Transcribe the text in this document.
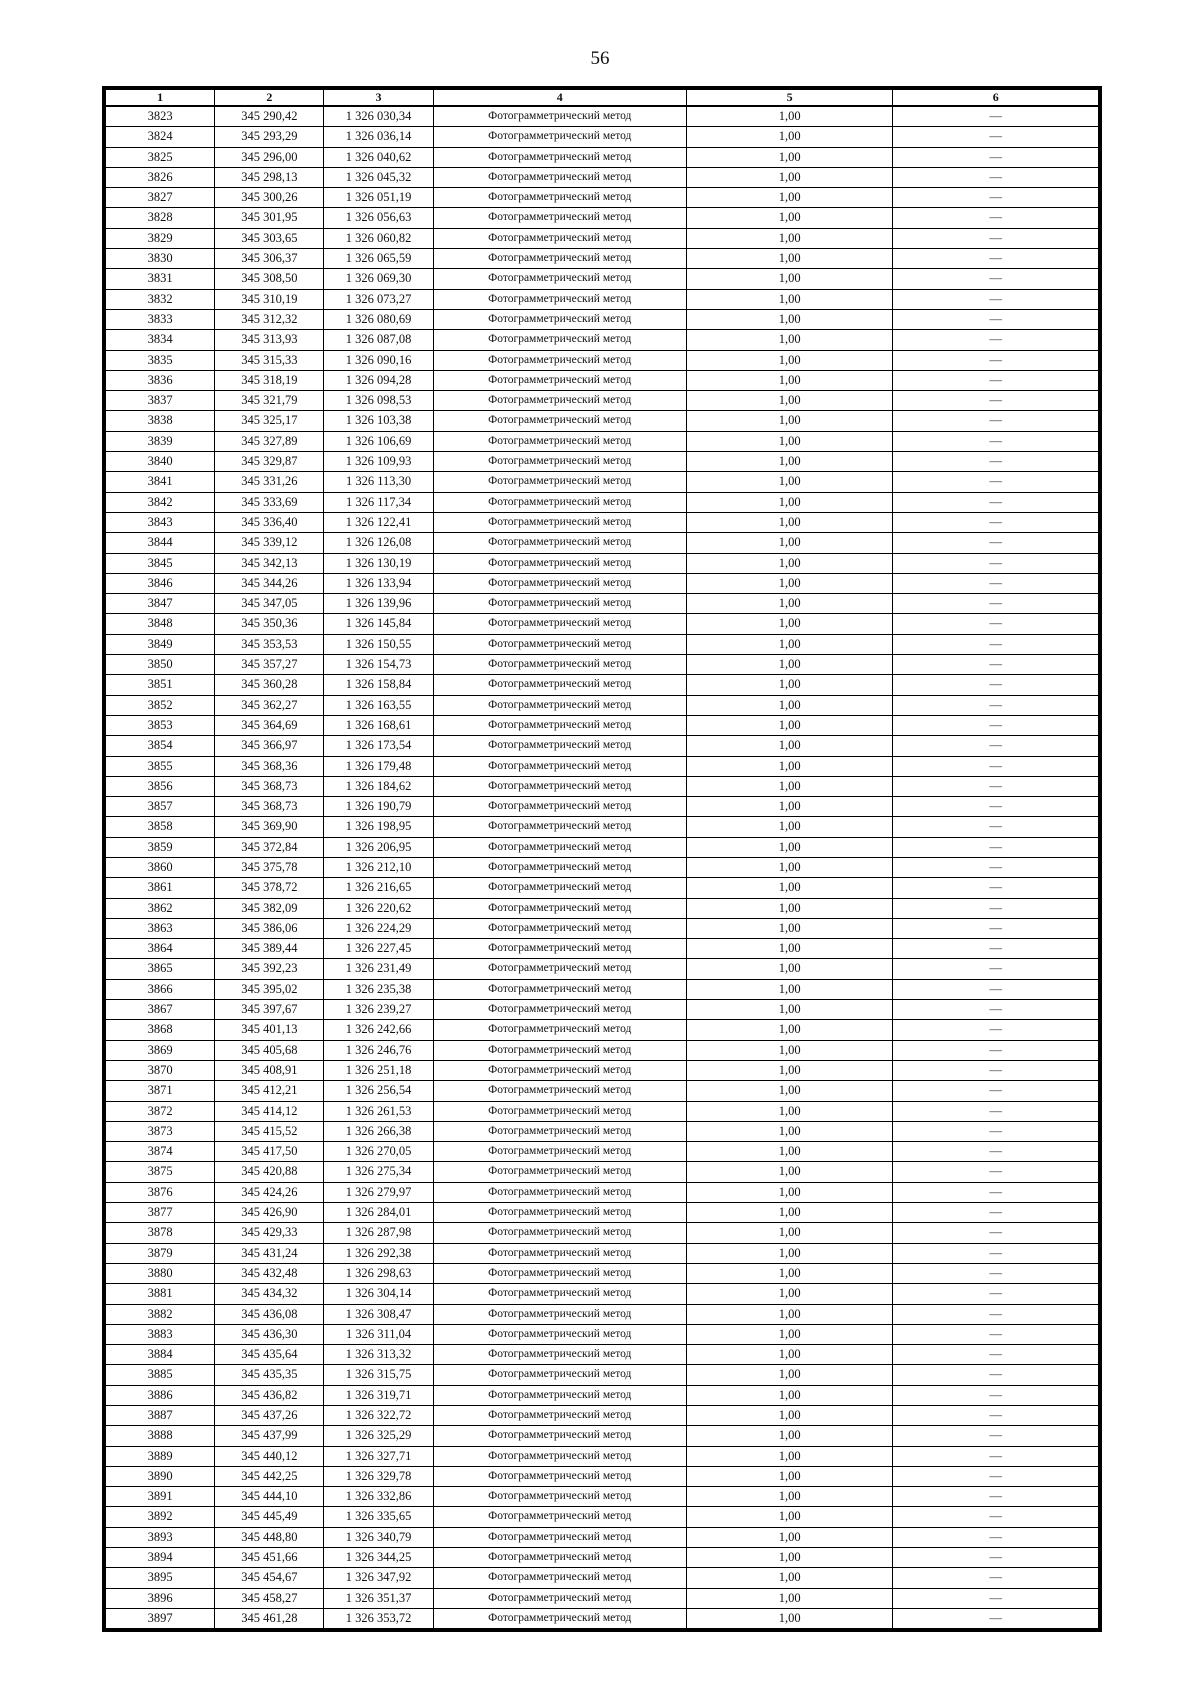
56
1	2	3	4	5	6
3823	345 290,42	1 326 030,34	Фотограмметрический метод	1,00	—
3824	345 293,29	1 326 036,14	Фотограмметрический метод	1,00	—
3825	345 296,00	1 326 040,62	Фотограмметрический метод	1,00	—
3826	345 298,13	1 326 045,32	Фотограмметрический метод	1,00	—
3827	345 300,26	1 326 051,19	Фотограмметрический метод	1,00	—
3828	345 301,95	1 326 056,63	Фотограмметрический метод	1,00	—
3829	345 303,65	1 326 060,82	Фотограмметрический метод	1,00	—
3830	345 306,37	1 326 065,59	Фотограмметрический метод	1,00	—
3831	345 308,50	1 326 069,30	Фотограмметрический метод	1,00	—
3832	345 310,19	1 326 073,27	Фотограмметрический метод	1,00	—
3833	345 312,32	1 326 080,69	Фотограмметрический метод	1,00	—
3834	345 313,93	1 326 087,08	Фотограмметрический метод	1,00	—
3835	345 315,33	1 326 090,16	Фотограмметрический метод	1,00	—
3836	345 318,19	1 326 094,28	Фотограмметрический метод	1,00	—
3837	345 321,79	1 326 098,53	Фотограмметрический метод	1,00	—
3838	345 325,17	1 326 103,38	Фотограмметрический метод	1,00	—
3839	345 327,89	1 326 106,69	Фотограмметрический метод	1,00	—
3840	345 329,87	1 326 109,93	Фотограмметрический метод	1,00	—
3841	345 331,26	1 326 113,30	Фотограмметрический метод	1,00	—
3842	345 333,69	1 326 117,34	Фотограмметрический метод	1,00	—
3843	345 336,40	1 326 122,41	Фотограмметрический метод	1,00	—
3844	345 339,12	1 326 126,08	Фотограмметрический метод	1,00	—
3845	345 342,13	1 326 130,19	Фотограмметрический метод	1,00	—
3846	345 344,26	1 326 133,94	Фотограмметрический метод	1,00	—
3847	345 347,05	1 326 139,96	Фотограмметрический метод	1,00	—
3848	345 350,36	1 326 145,84	Фотограмметрический метод	1,00	—
3849	345 353,53	1 326 150,55	Фотограмметрический метод	1,00	—
3850	345 357,27	1 326 154,73	Фотограмметрический метод	1,00	—
3851	345 360,28	1 326 158,84	Фотограмметрический метод	1,00	—
3852	345 362,27	1 326 163,55	Фотограмметрический метод	1,00	—
3853	345 364,69	1 326 168,61	Фотограмметрический метод	1,00	—
3854	345 366,97	1 326 173,54	Фотограмметрический метод	1,00	—
3855	345 368,36	1 326 179,48	Фотограмметрический метод	1,00	—
3856	345 368,73	1 326 184,62	Фотограмметрический метод	1,00	—
3857	345 368,73	1 326 190,79	Фотограмметрический метод	1,00	—
3858	345 369,90	1 326 198,95	Фотограмметрический метод	1,00	—
3859	345 372,84	1 326 206,95	Фотограмметрический метод	1,00	—
3860	345 375,78	1 326 212,10	Фотограмметрический метод	1,00	—
3861	345 378,72	1 326 216,65	Фотограмметрический метод	1,00	—
3862	345 382,09	1 326 220,62	Фотограмметрический метод	1,00	—
3863	345 386,06	1 326 224,29	Фотограмметрический метод	1,00	—
3864	345 389,44	1 326 227,45	Фотограмметрический метод	1,00	—
3865	345 392,23	1 326 231,49	Фотограмметрический метод	1,00	—
3866	345 395,02	1 326 235,38	Фотограмметрический метод	1,00	—
3867	345 397,67	1 326 239,27	Фотограмметрический метод	1,00	—
3868	345 401,13	1 326 242,66	Фотограмметрический метод	1,00	—
3869	345 405,68	1 326 246,76	Фотограмметрический метод	1,00	—
3870	345 408,91	1 326 251,18	Фотограмметрический метод	1,00	—
3871	345 412,21	1 326 256,54	Фотограмметрический метод	1,00	—
3872	345 414,12	1 326 261,53	Фотограмметрический метод	1,00	—
3873	345 415,52	1 326 266,38	Фотограмметрический метод	1,00	—
3874	345 417,50	1 326 270,05	Фотограмметрический метод	1,00	—
3875	345 420,88	1 326 275,34	Фотограмметрический метод	1,00	—
3876	345 424,26	1 326 279,97	Фотограмметрический метод	1,00	—
3877	345 426,90	1 326 284,01	Фотограмметрический метод	1,00	—
3878	345 429,33	1 326 287,98	Фотограмметрический метод	1,00	—
3879	345 431,24	1 326 292,38	Фотограмметрический метод	1,00	—
3880	345 432,48	1 326 298,63	Фотограмметрический метод	1,00	—
3881	345 434,32	1 326 304,14	Фотограмметрический метод	1,00	—
3882	345 436,08	1 326 308,47	Фотограмметрический метод	1,00	—
3883	345 436,30	1 326 311,04	Фотограмметрический метод	1,00	—
3884	345 435,64	1 326 313,32	Фотограмметрический метод	1,00	—
3885	345 435,35	1 326 315,75	Фотограмметрический метод	1,00	—
3886	345 436,82	1 326 319,71	Фотограмметрический метод	1,00	—
3887	345 437,26	1 326 322,72	Фотограмметрический метод	1,00	—
3888	345 437,99	1 326 325,29	Фотограмметрический метод	1,00	—
3889	345 440,12	1 326 327,71	Фотограмметрический метод	1,00	—
3890	345 442,25	1 326 329,78	Фотограмметрический метод	1,00	—
3891	345 444,10	1 326 332,86	Фотограмметрический метод	1,00	—
3892	345 445,49	1 326 335,65	Фотограмметрический метод	1,00	—
3893	345 448,80	1 326 340,79	Фотограмметрический метод	1,00	—
3894	345 451,66	1 326 344,25	Фотограмметрический метод	1,00	—
3895	345 454,67	1 326 347,92	Фотограмметрический метод	1,00	—
3896	345 458,27	1 326 351,37	Фотограмметрический метод	1,00	—
3897	345 461,28	1 326 353,72	Фотограмметрический метод	1,00	—
